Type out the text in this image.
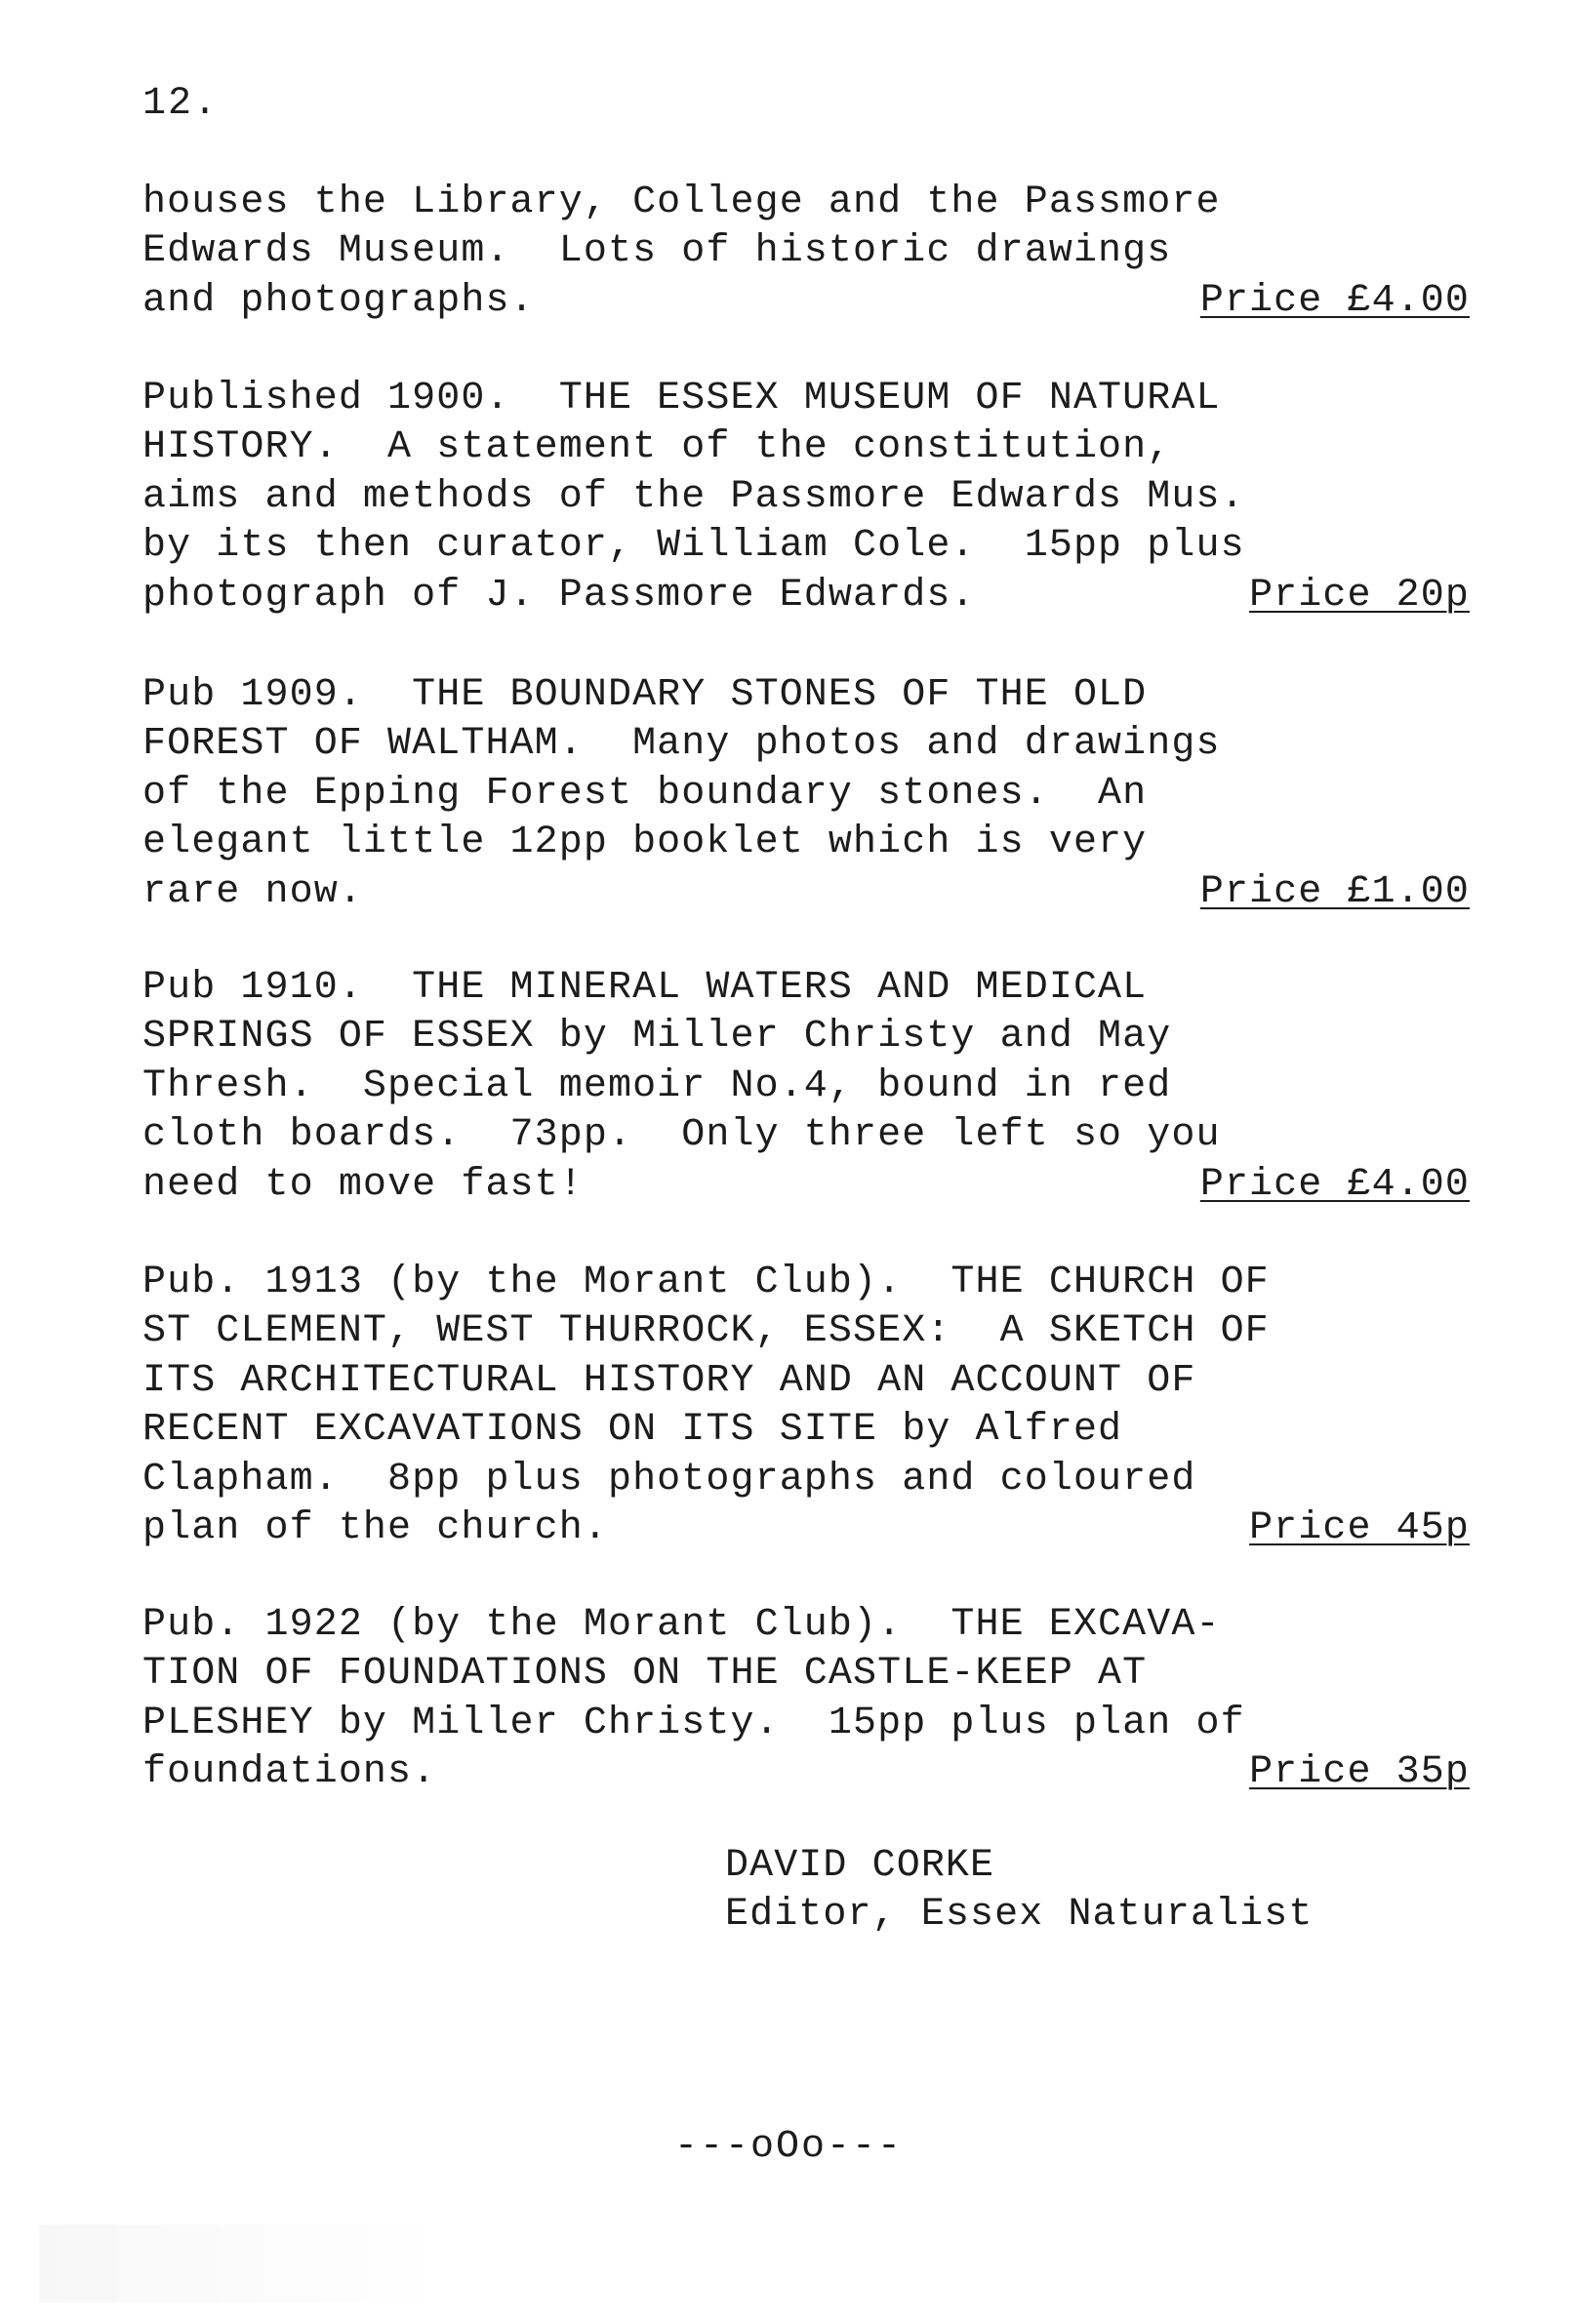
12.
houses the Library, College and the Passmore
Edwards Museum.  Lots of historic drawings
and photographs.	Price £4.00
Published 1900.  THE ESSEX MUSEUM OF NATURAL
HISTORY.  A statement of the constitution,
aims and methods of the Passmore Edwards Mus.
by its then curator, William Cole.  15pp plus
photograph of J. Passmore Edwards.	Price 20p
Pub 1909.  THE BOUNDARY STONES OF THE OLD
FOREST OF WALTHAM.  Many photos and drawings
of the Epping Forest boundary stones.  An
elegant little 12pp booklet which is very
rare now.	Price £1.00
Pub 1910.  THE MINERAL WATERS AND MEDICAL
SPRINGS OF ESSEX by Miller Christy and May
Thresh.  Special memoir No.4, bound in red
cloth boards.  73pp.  Only three left so you
need to move fast!	Price £4.00
Pub. 1913 (by the Morant Club).  THE CHURCH OF
ST CLEMENT, WEST THURROCK, ESSEX:  A SKETCH OF
ITS ARCHITECTURAL HISTORY AND AN ACCOUNT OF
RECENT EXCAVATIONS ON ITS SITE by Alfred
Clapham.  8pp plus photographs and coloured
plan of the church.	Price 45p
Pub. 1922 (by the Morant Club).  THE EXCAVA-
TION OF FOUNDATIONS ON THE CASTLE-KEEP AT
PLESHEY by Miller Christy.  15pp plus plan of
foundations.	Price 35p
DAVID CORKE
Editor, Essex Naturalist
---oOo---
